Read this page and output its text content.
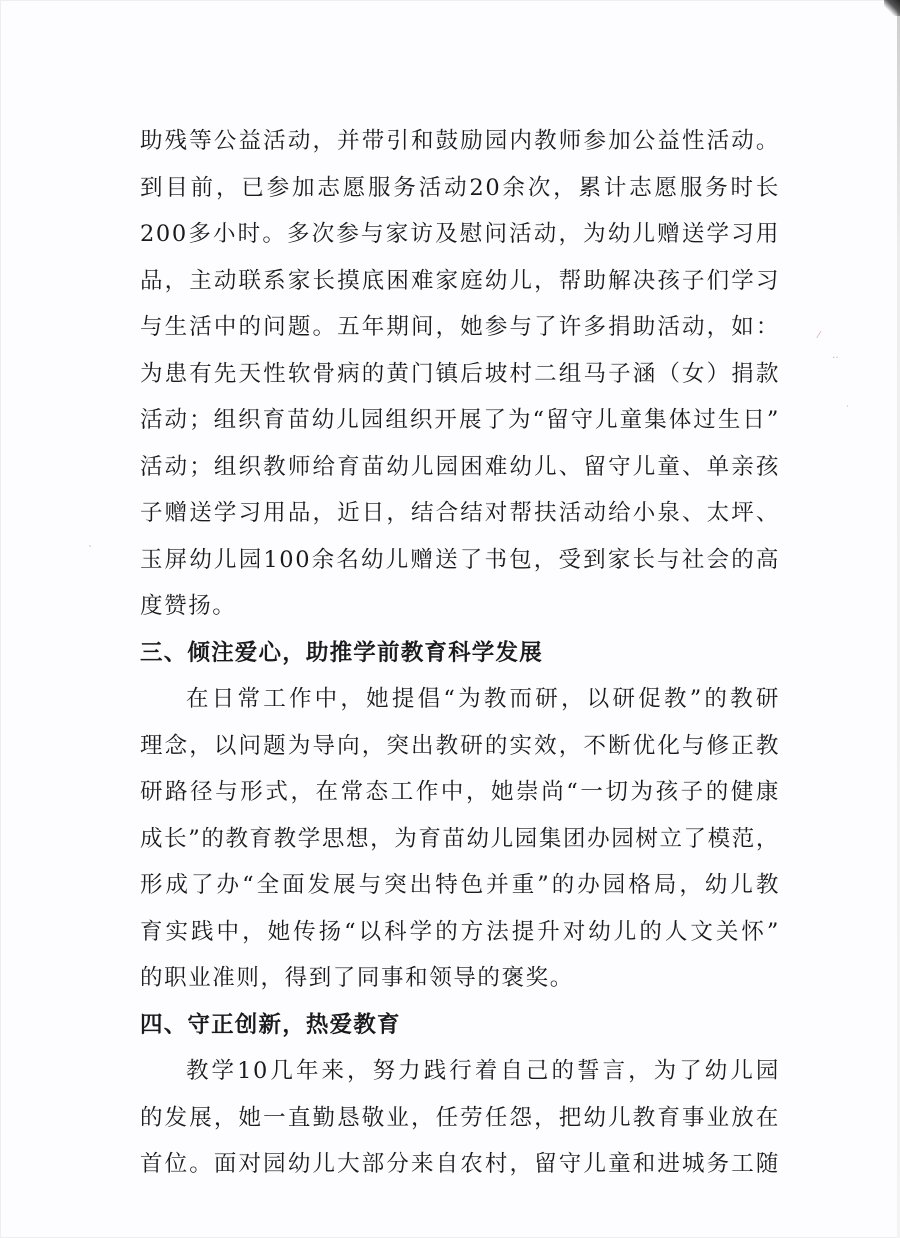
⁄
‥
˙
ˋ
助残等公益活动，并带引和鼓励园内教师参加公益性活动。
到目前，已参加志愿服务活动20余次，累计志愿服务时长
200多小时。多次参与家访及慰问活动，为幼儿赠送学习用
品，主动联系家长摸底困难家庭幼儿，帮助解决孩子们学习
与生活中的问题。五年期间，她参与了许多捐助活动，如：
为患有先天性软骨病的黄门镇后坡村二组马子涵（女）捐款
活动；组织育苗幼儿园组织开展了为“留守儿童集体过生日”
活动；组织教师给育苗幼儿园困难幼儿、留守儿童、单亲孩
子赠送学习用品，近日，结合结对帮扶活动给小泉、太坪、
玉屏幼儿园100余名幼儿赠送了书包，受到家长与社会的高
度赞扬。
三、倾注爱心，助推学前教育科学发展
在日常工作中，她提倡“为教而研，以研促教”的教研
理念，以问题为导向，突出教研的实效，不断优化与修正教
研路径与形式，在常态工作中，她崇尚“一切为孩子的健康
成长”的教育教学思想，为育苗幼儿园集团办园树立了模范，
形成了办“全面发展与突出特色并重”的办园格局，幼儿教
育实践中，她传扬“以科学的方法提升对幼儿的人文关怀”
的职业准则，得到了同事和领导的褒奖。
四、守正创新，热爱教育
教学10几年来，努力践行着自己的誓言，为了幼儿园
的发展，她一直勤恳敬业，任劳任怨，把幼儿教育事业放在
首位。面对园幼儿大部分来自农村，留守儿童和进城务工随
